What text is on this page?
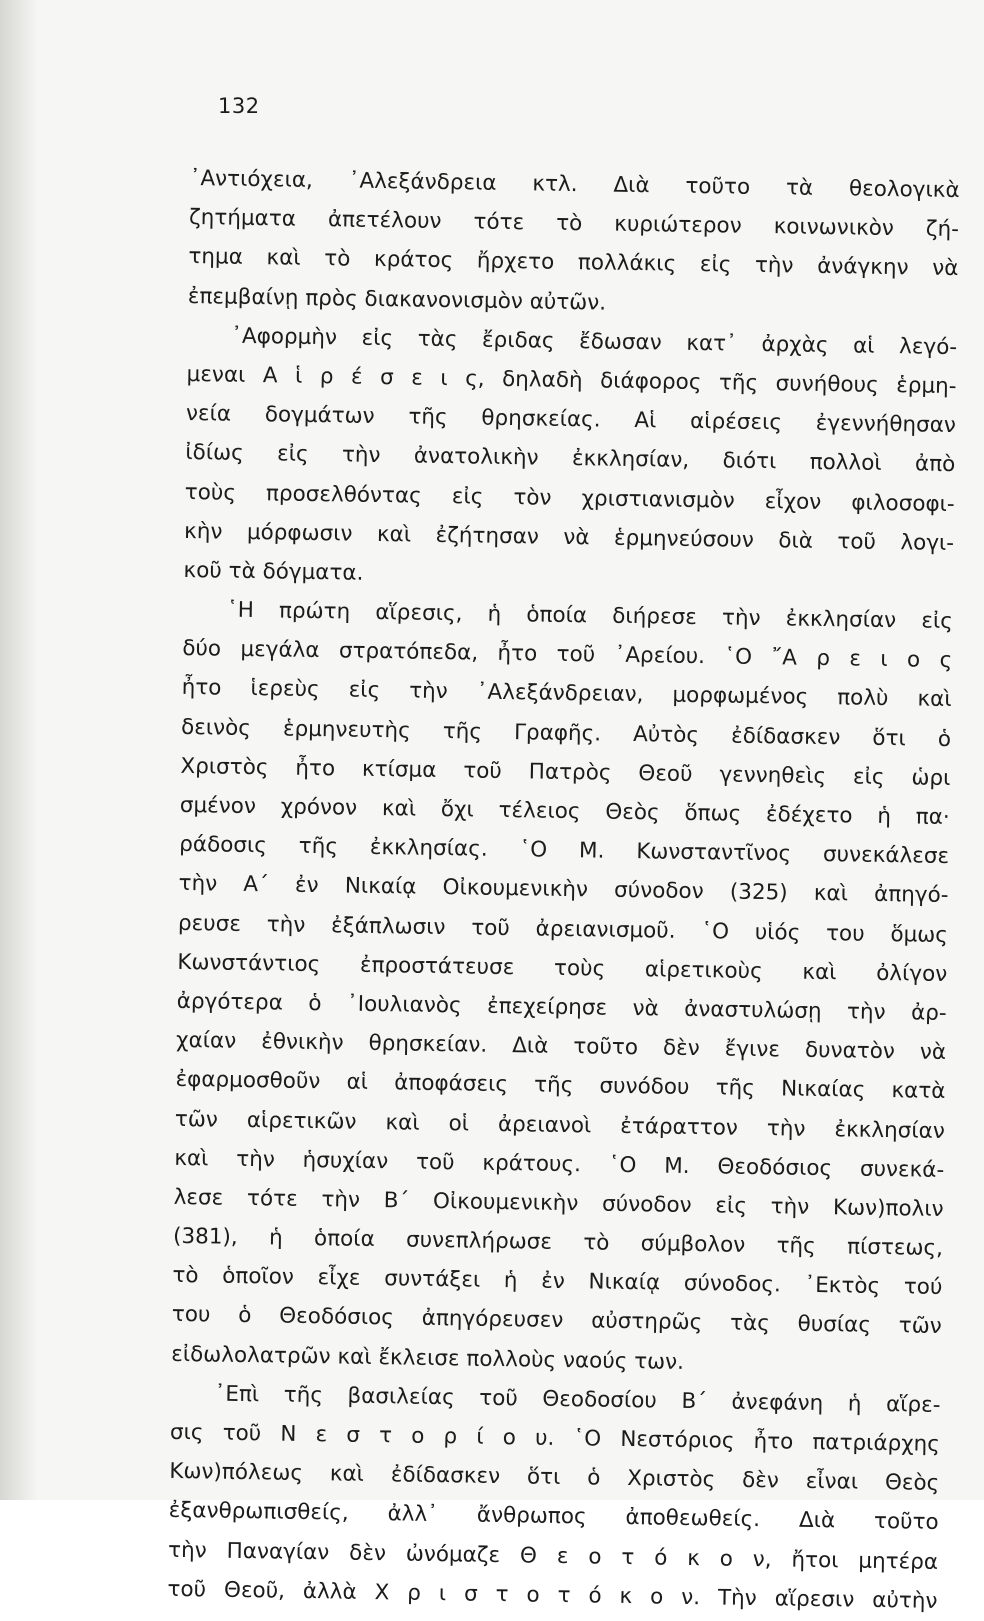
132

᾽Αντιόχεια, ᾽Αλεξάνδρεια κτλ. Διὰ τοῦτο τὰ θεολογικὰ
ζητήματα ἀπετέλουν τότε τὸ κυριώτερον κοινωνικὸν ζή-
τημα καὶ τὸ κράτος ἤρχετο πολλάκις εἰς τὴν ἀνάγκην νὰ
ἐπεμβαίνῃ πρὸς διακανονισμὸν αὐτῶν.
᾽Αφορμὴν εἰς τὰς ἔριδας ἔδωσαν κατ᾽ ἀρχὰς αἱ λεγό-
μεναι Α ἱ ρ έ σ ε ι ς, δηλαδὴ διάφορος τῆς συνήθους ἑρμη-
νεία δογμάτων τῆς θρησκείας. Αἱ αἱρέσεις ἐγεννήθησαν
ἰδίως εἰς τὴν ἀνατολικὴν ἐκκλησίαν, διότι πολλοὶ ἀπὸ
τοὺς προσελθόντας εἰς τὸν χριστιανισμὸν εἶχον φιλοσοφι-
κὴν μόρφωσιν καὶ ἐζήτησαν νὰ ἑρμηνεύσουν διὰ τοῦ λογι-
κοῦ τὰ δόγματα.
῾Η πρώτη αἵρεσις, ἡ ὁποία διήρεσε τὴν ἐκκλησίαν εἰς
δύο μεγάλα στρατόπεδα, ἦτο τοῦ ᾽Αρείου. ῾Ο ῎Α ρ ε ι ο ς
ἦτο ἱερεὺς εἰς τὴν ᾽Αλεξάνδρειαν, μορφωμένος πολὺ καὶ
δεινὸς ἑρμηνευτὴς τῆς Γραφῆς. Αὐτὸς ἐδίδασκεν ὅτι ὁ
Χριστὸς ἦτο κτίσμα τοῦ Πατρὸς Θεοῦ γεννηθεὶς εἰς ὡρι
σμένον χρόνον καὶ ὄχι τέλειος Θεὸς ὅπως ἐδέχετο ἡ πα·
ράδοσις τῆς ἐκκλησίας. ῾Ο Μ. Κωνσταντῖνος συνεκάλεσε
τὴν Α΄ ἐν Νικαίᾳ Οἰκουμενικὴν σύνοδον (325) καὶ ἀπηγό-
ρευσε τὴν ἐξάπλωσιν τοῦ ἀρειανισμοῦ. ῾Ο υἱός του ὅμως
Κωνστάντιος ἐπροστάτευσε τοὺς αἱρετικοὺς καὶ ὀλίγον
ἀργότερα ὁ ᾽Ιουλιανὸς ἐπεχείρησε νὰ ἀναστυλώσῃ τὴν ἀρ-
χαίαν ἐθνικὴν θρησκείαν. Διὰ τοῦτο δὲν ἔγινε δυνατὸν νὰ
ἐφαρμοσθοῦν αἱ ἀποφάσεις τῆς συνόδου τῆς Νικαίας κατὰ
τῶν αἱρετικῶν καὶ οἱ ἀρειανοὶ ἐτάραττον τὴν ἐκκλησίαν
καὶ τὴν ἡσυχίαν τοῦ κράτους. ῾Ο Μ. Θεοδόσιος συνεκά-
λεσε τότε τὴν Β΄ Οἰκουμενικὴν σύνοδον εἰς τὴν Κων)πολιν
(381), ἡ ὁποία συνεπλήρωσε τὸ σύμβολον τῆς πίστεως,
τὸ ὁποῖον εἶχε συντάξει ἡ ἐν Νικαίᾳ σύνοδος. ᾽Εκτὸς τού
του ὁ Θεοδόσιος ἀπηγόρευσεν αὐστηρῶς τὰς θυσίας τῶν
εἰδωλολατρῶν καὶ ἔκλεισε πολλοὺς ναούς των.
᾽Επὶ τῆς βασιλείας τοῦ Θεοδοσίου Β΄ ἀνεφάνη ἡ αἵρε-
σις τοῦ Ν ε σ τ ο ρ ί ο υ. ῾Ο Νεστόριος ἦτο πατριάρχης
Κων)πόλεως καὶ ἐδίδασκεν ὅτι ὁ Χριστὸς δὲν εἶναι Θεὸς
ἐξανθρωπισθείς, ἀλλ᾽ ἄνθρωπος ἀποθεωθείς. Διὰ τοῦτο
τὴν Παναγίαν δὲν ὠνόμαζε Θ ε ο τ ό κ ο ν, ἤτοι μητέρα
τοῦ Θεοῦ, ἀλλὰ Χ ρ ι σ τ ο τ ό κ ο ν. Τὴν αἵρεσιν αὐτὴν
